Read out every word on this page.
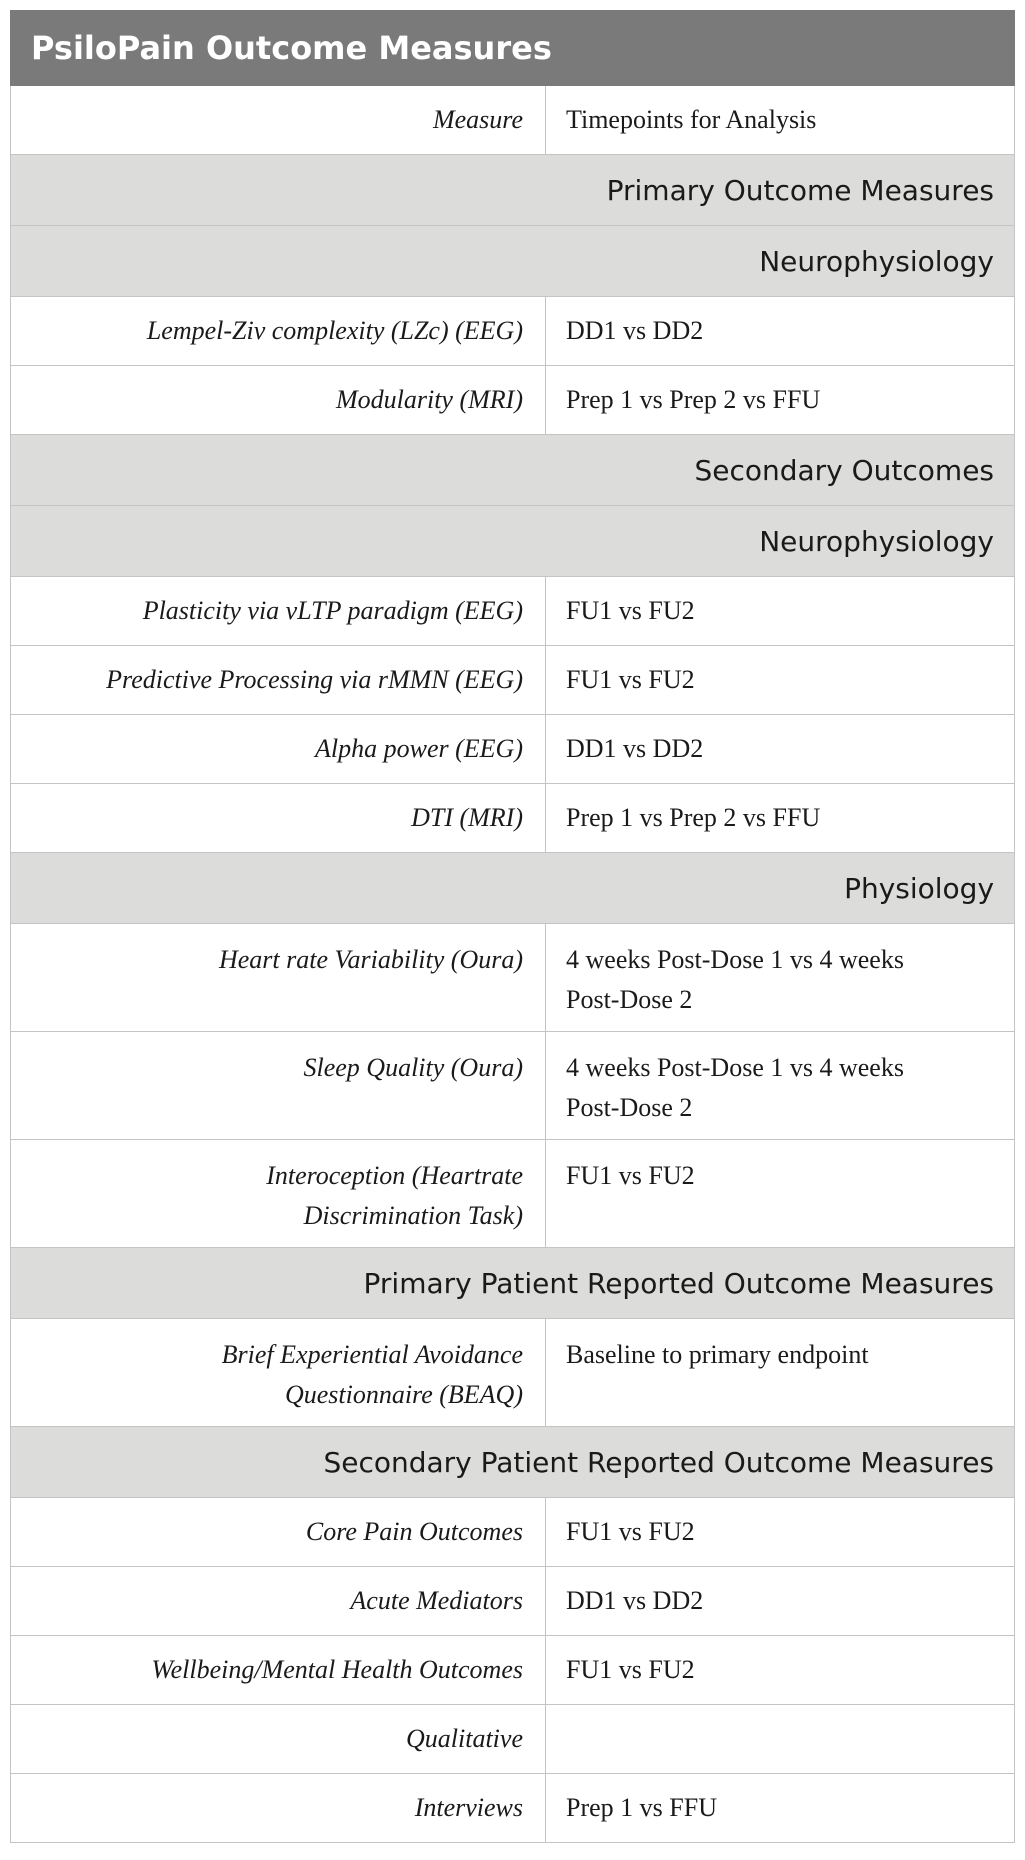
PsiloPain Outcome Measures	
Measure	Timepoints for Analysis
Primary Outcome Measures	
Neurophysiology	
Lempel-Ziv complexity (LZc) (EEG)	DD1 vs DD2
Modularity (MRI)	Prep 1 vs Prep 2 vs FFU
Secondary Outcomes	
Neurophysiology	
Plasticity via vLTP paradigm (EEG)	FU1 vs FU2
Predictive Processing via rMMN (EEG)	FU1 vs FU2
Alpha power (EEG)	DD1 vs DD2
DTI (MRI)	Prep 1 vs Prep 2 vs FFU
Physiology	
Heart rate Variability (Oura)	4 weeks Post-Dose 1 vs 4 weeks
Post-Dose 2
Sleep Quality (Oura)	4 weeks Post-Dose 1 vs 4 weeks
Post-Dose 2
Interoception (Heartrate
Discrimination Task)	FU1 vs FU2
Primary Patient Reported Outcome Measures	
Brief Experiential Avoidance
Questionnaire (BEAQ)	Baseline to primary endpoint
Secondary Patient Reported Outcome Measures	
Core Pain Outcomes	FU1 vs FU2
Acute Mediators	DD1 vs DD2
Wellbeing/Mental Health Outcomes	FU1 vs FU2
Qualitative	
Interviews	Prep 1 vs FFU
